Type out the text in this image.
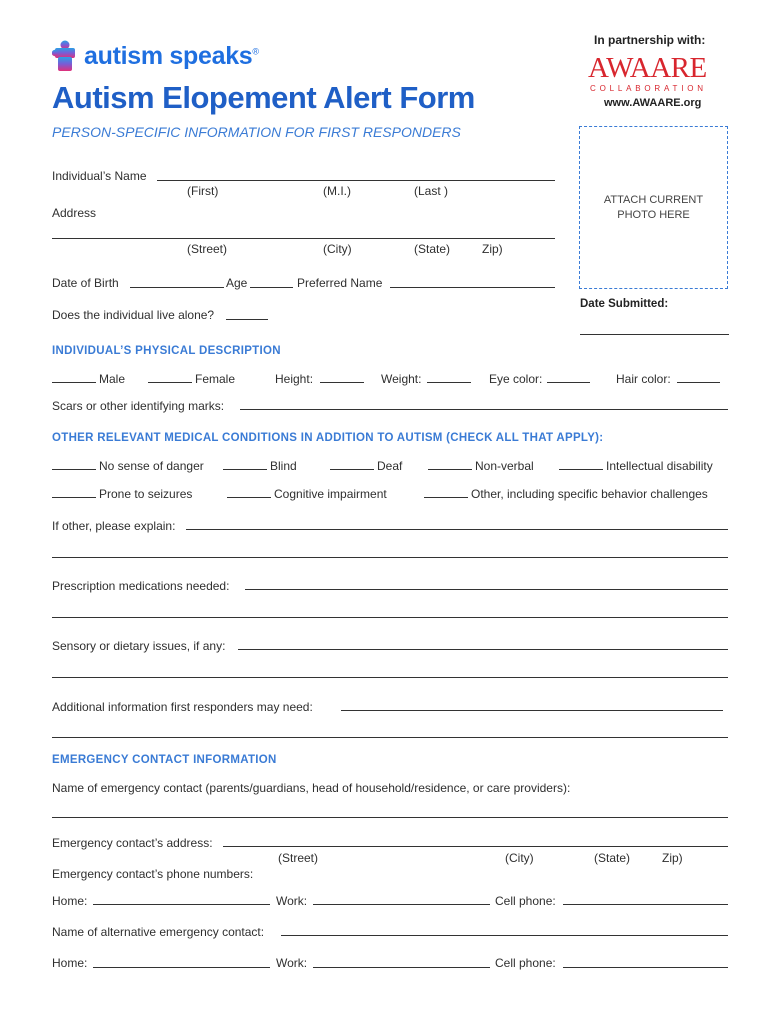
autism speaks®
Autism Elopement Alert Form
PERSON-SPECIFIC INFORMATION FOR FIRST RESPONDERS
In partnership with:
AWAARE
COLLABORATION
www.AWAARE.org
ATTACH CURRENT
PHOTO HERE
Date Submitted:
Individual’s Name
(First)	(M.I.)	(Last )
Address
(Street)	(City)	(State)	Zip)
Date of Birth	Age	Preferred Name
Does the individual live alone?
INDIVIDUAL’S PHYSICAL DESCRIPTION
Male	Female	Height:	Weight:	Eye color:	Hair color:
Scars or other identifying marks:
OTHER RELEVANT MEDICAL CONDITIONS IN ADDITION TO AUTISM (CHECK ALL THAT APPLY):
No sense of danger	Blind	Deaf	Non-verbal	Intellectual disability
Prone to seizures	Cognitive impairment	Other, including specific behavior challenges
If other, please explain:
Prescription medications needed:
Sensory or dietary issues, if any:
Additional information first responders may need:
EMERGENCY CONTACT INFORMATION
Name of emergency contact (parents/guardians, head of household/residence, or care providers):
Emergency contact’s address:
(Street)	(City)	(State)	Zip)
Emergency contact’s phone numbers:
Home:	Work:	Cell phone:
Name of alternative emergency contact:
Home:	Work:	Cell phone:
